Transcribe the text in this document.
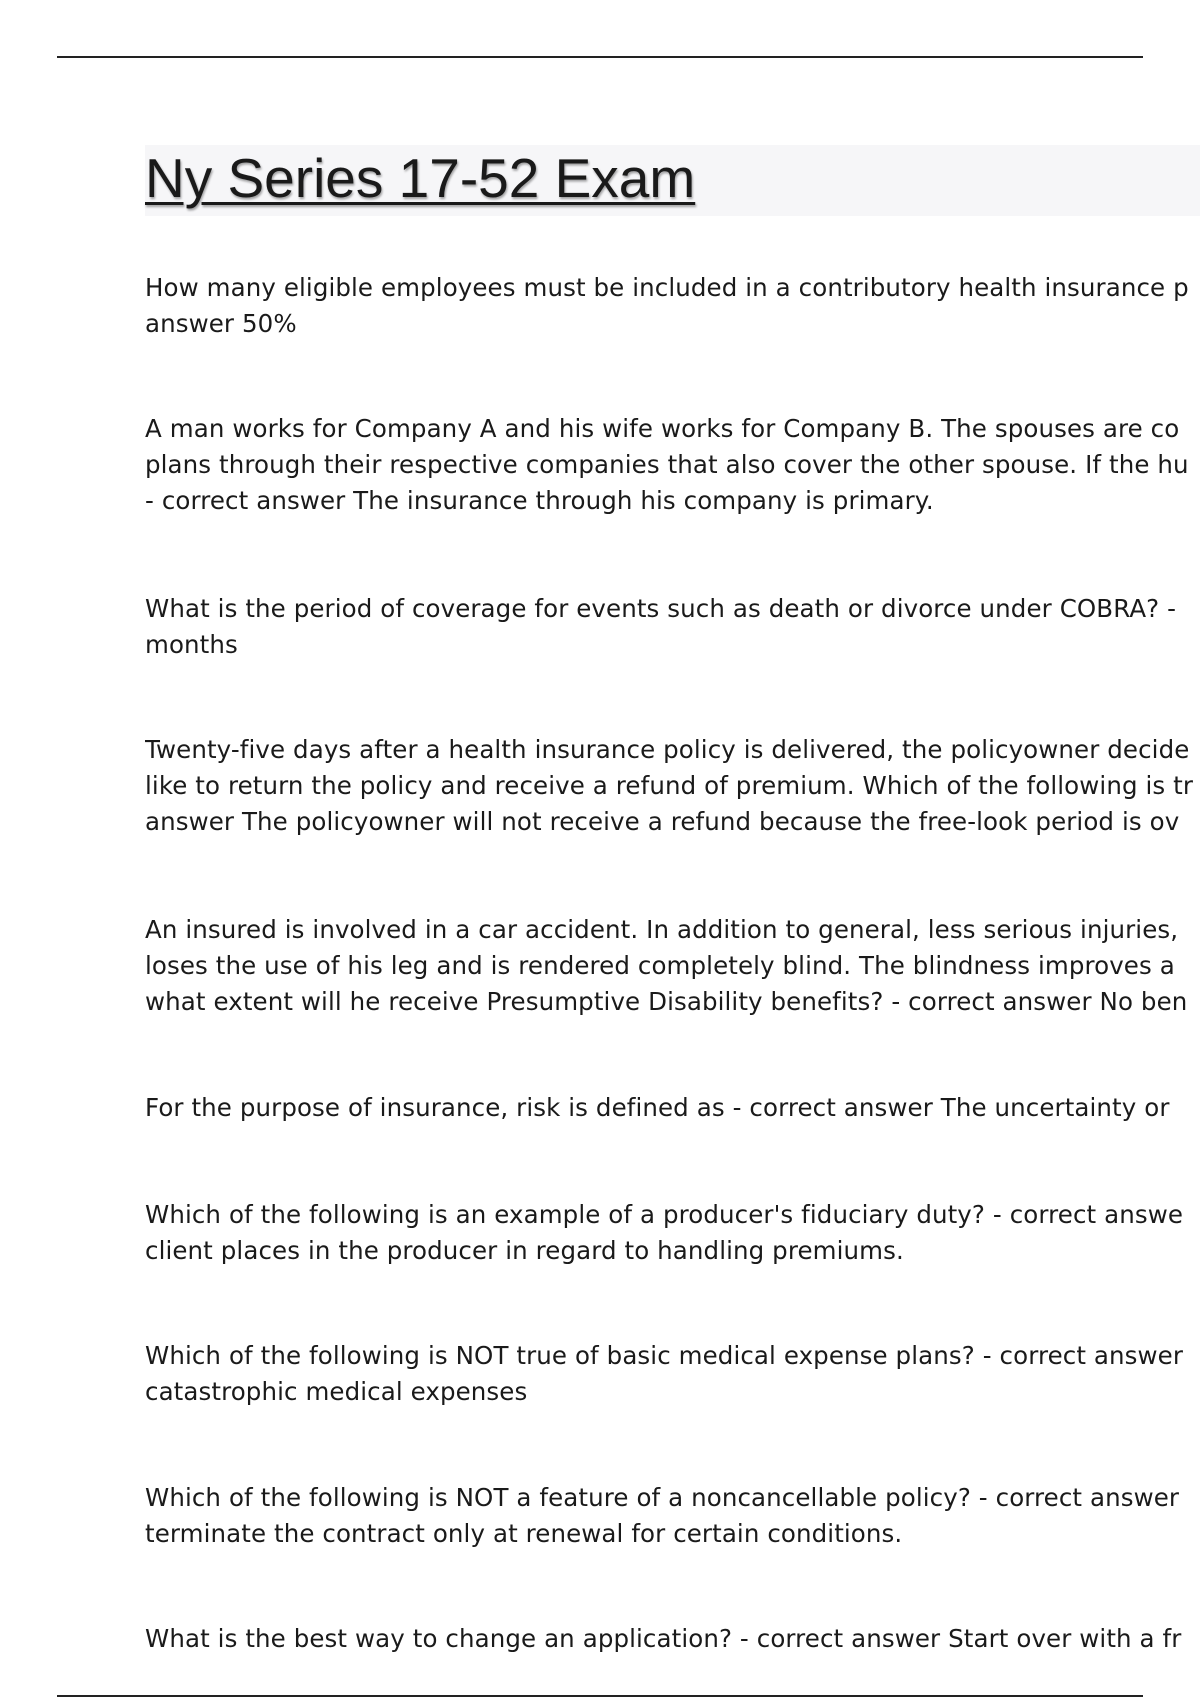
Ny Series 17-52 Exam

How many eligible employees must be included in a contributory health insurance p
answer 50%

A man works for Company A and his wife works for Company B. The spouses are co
plans through their respective companies that also cover the other spouse. If the hu
- correct answer The insurance through his company is primary.

What is the period of coverage for events such as death or divorce under COBRA? -
months

Twenty-five days after a health insurance policy is delivered, the policyowner decide
like to return the policy and receive a refund of premium. Which of the following is tr
answer The policyowner will not receive a refund because the free-look period is ov

An insured is involved in a car accident. In addition to general, less serious injuries,
loses the use of his leg and is rendered completely blind. The blindness improves a
what extent will he receive Presumptive Disability benefits? - correct answer No ben

For the purpose of insurance, risk is defined as - correct answer The uncertainty or

Which of the following is an example of a producer's fiduciary duty? - correct answe
client places in the producer in regard to handling premiums.

Which of the following is NOT true of basic medical expense plans? - correct answer
catastrophic medical expenses

Which of the following is NOT a feature of a noncancellable policy? - correct answer
terminate the contract only at renewal for certain conditions.

What is the best way to change an application? - correct answer Start over with a fr
